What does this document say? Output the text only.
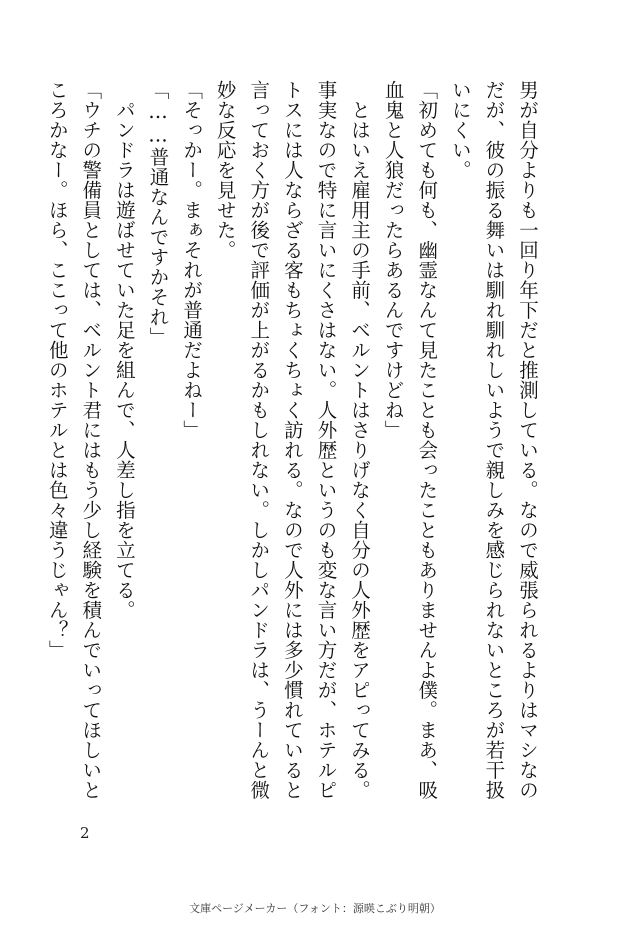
男が自分よりも一回り年下だと推測している。なので威張られるよりはマシなの

だが、彼の振る舞いは馴れ馴れしいようで親しみを感じられないところが若干扱

いにくい。

「初めても何も、幽霊なんて見たことも会ったこともありませんよ僕。まあ、吸

血鬼と人狼だったらあるんですけどね」

　とはいえ雇用主の手前、ベルントはさりげなく自分の人外歴をアピってみる。

事実なので特に言いにくさはない。人外歴というのも変な言い方だが、ホテルピ

トスには人ならざる客もちょくちょく訪れる。なので人外には多少慣れていると

言っておく方が後で評価が上がるかもしれない。しかしパンドラは、うーんと微

妙な反応を見せた。

「そっかー。まぁそれが普通だよねー」

「……普通なんですかそれ」

　パンドラは遊ばせていた足を組んで、人差し指を立てる。

「ウチの警備員としては、ベルント君にはもう少し経験を積んでいってほしいと

ころかなー。ほら、ここって他のホテルとは色々違うじゃん？」

2
文庫ページメーカー（フォント：源暎こぶり明朝）
